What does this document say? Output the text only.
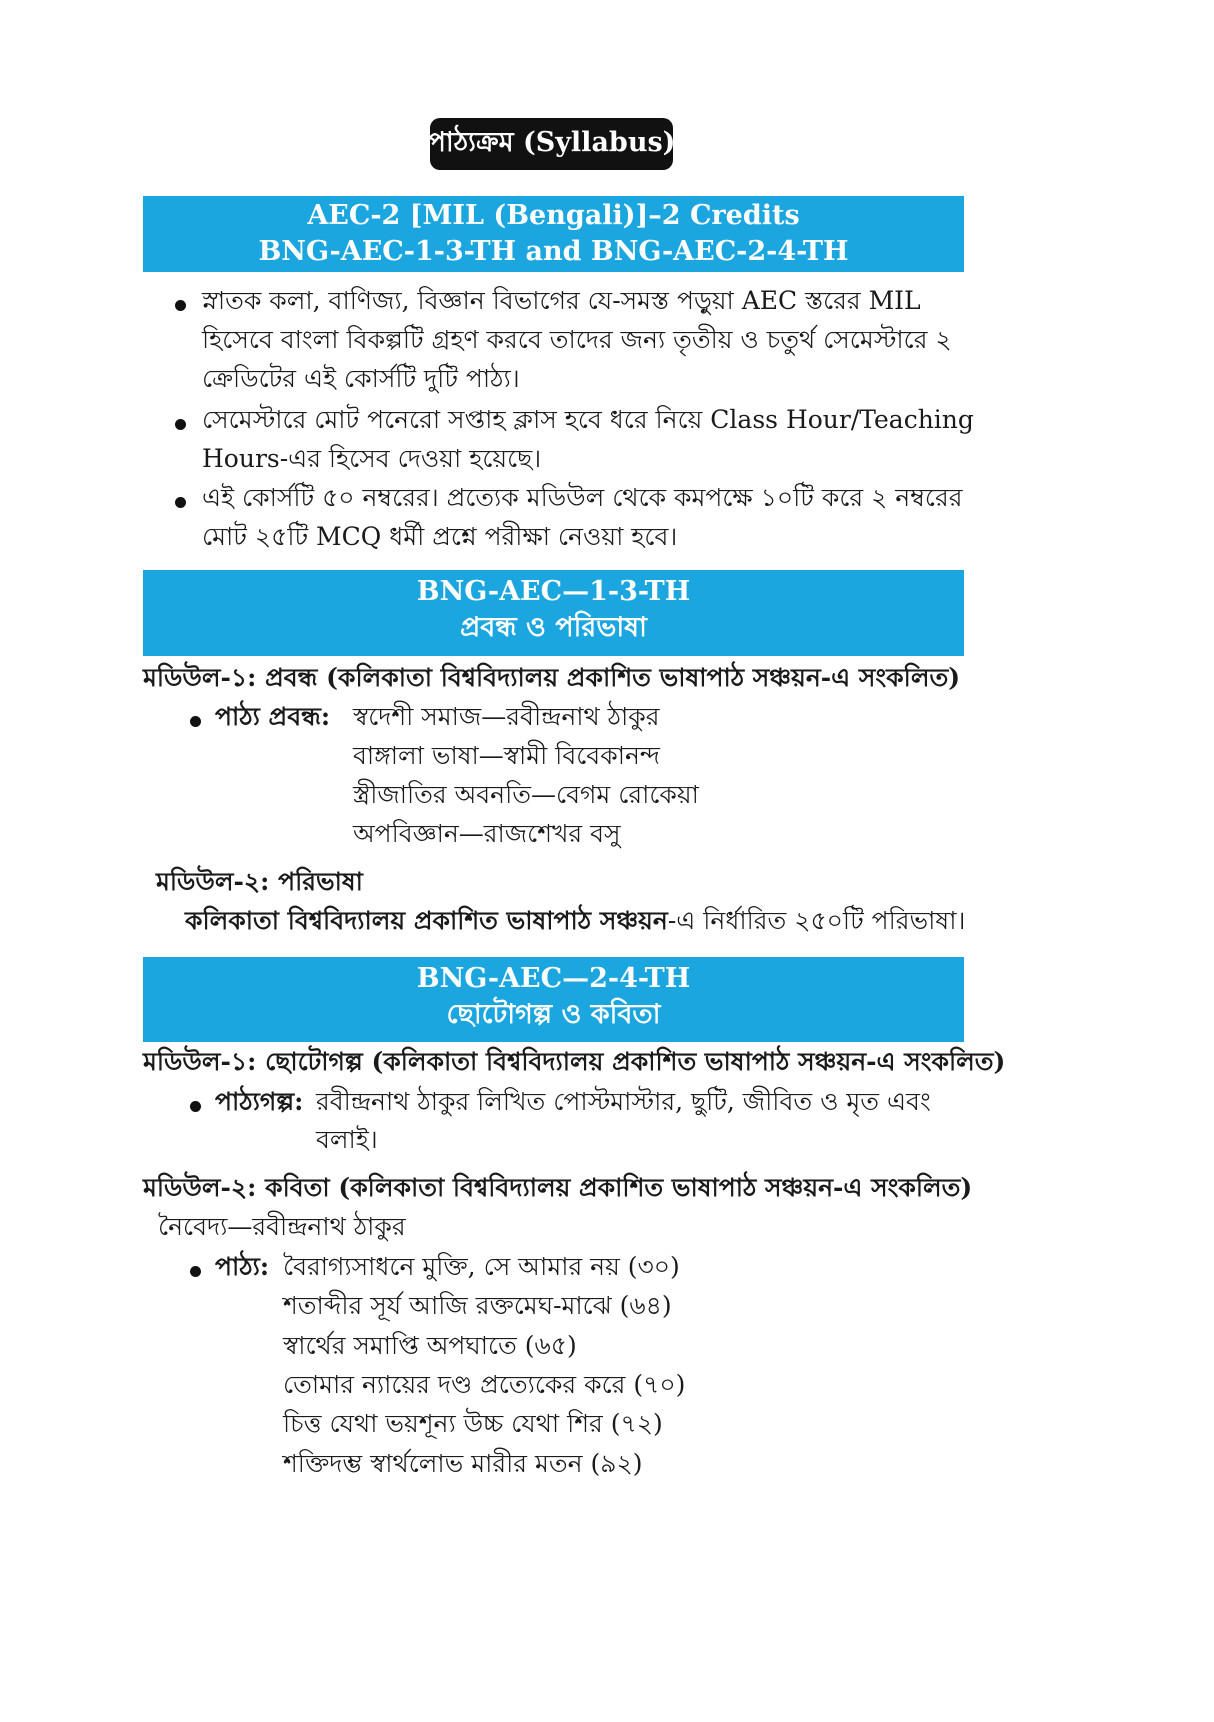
পাঠ্যক্রম (Syllabus)
AEC-2 [MIL (Bengali)]–2 Credits
BNG-AEC-1-3-TH and BNG-AEC-2-4-TH
স্নাতক কলা, বাণিজ্য, বিজ্ঞান বিভাগের যে-সমস্ত পড়ুয়া AEC স্তরের MIL
হিসেবে বাংলা বিকল্পটি গ্রহণ করবে তাদের জন্য তৃতীয় ও চতুর্থ সেমেস্টারে ২
ক্রেডিটের এই কোর্সটি দুটি পাঠ্য।
সেমেস্টারে মোট পনেরো সপ্তাহ ক্লাস হবে ধরে নিয়ে Class Hour/Teaching
Hours-এর হিসেব দেওয়া হয়েছে।
এই কোর্সটি ৫০ নম্বরের। প্রত্যেক মডিউল থেকে কমপক্ষে ১০টি করে ২ নম্বরের
মোট ২৫টি MCQ ধর্মী প্রশ্নে পরীক্ষা নেওয়া হবে।
BNG-AEC—1-3-TH
প্রবন্ধ ও পরিভাষা
মডিউল-১: প্রবন্ধ (কলিকাতা বিশ্ববিদ্যালয় প্রকাশিত ভাষাপাঠ সঞ্চয়ন-এ সংকলিত)
পাঠ্য প্রবন্ধ: স্বদেশী সমাজ—রবীন্দ্রনাথ ঠাকুর
বাঙ্গালা ভাষা—স্বামী বিবেকানন্দ
স্ত্রীজাতির অবনতি—বেগম রোকেয়া
অপবিজ্ঞান—রাজশেখর বসু
মডিউল-২: পরিভাষা
কলিকাতা বিশ্ববিদ্যালয় প্রকাশিত ভাষাপাঠ সঞ্চয়ন-এ নির্ধারিত ২৫০টি পরিভাষা।
BNG-AEC—2-4-TH
ছোটোগল্প ও কবিতা
মডিউল-১: ছোটোগল্প (কলিকাতা বিশ্ববিদ্যালয় প্রকাশিত ভাষাপাঠ সঞ্চয়ন-এ সংকলিত)
পাঠ্যগল্প: রবীন্দ্রনাথ ঠাকুর লিখিত পোস্টমাস্টার, ছুটি, জীবিত ও মৃত এবং
বলাই।
মডিউল-২: কবিতা (কলিকাতা বিশ্ববিদ্যালয় প্রকাশিত ভাষাপাঠ সঞ্চয়ন-এ সংকলিত)
নৈবেদ্য—রবীন্দ্রনাথ ঠাকুর
পাঠ্য: বৈরাগ্যসাধনে মুক্তি, সে আমার নয় (৩০)
শতাব্দীর সূর্য আজি রক্তমেঘ-মাঝে (৬৪)
স্বার্থের সমাপ্তি অপঘাতে (৬৫)
তোমার ন্যায়ের দণ্ড প্রত্যেকের করে (৭০)
চিত্ত যেথা ভয়শূন্য উচ্চ যেথা শির (৭২)
শক্তিদম্ভ স্বার্থলোভ মারীর মতন (৯২)
